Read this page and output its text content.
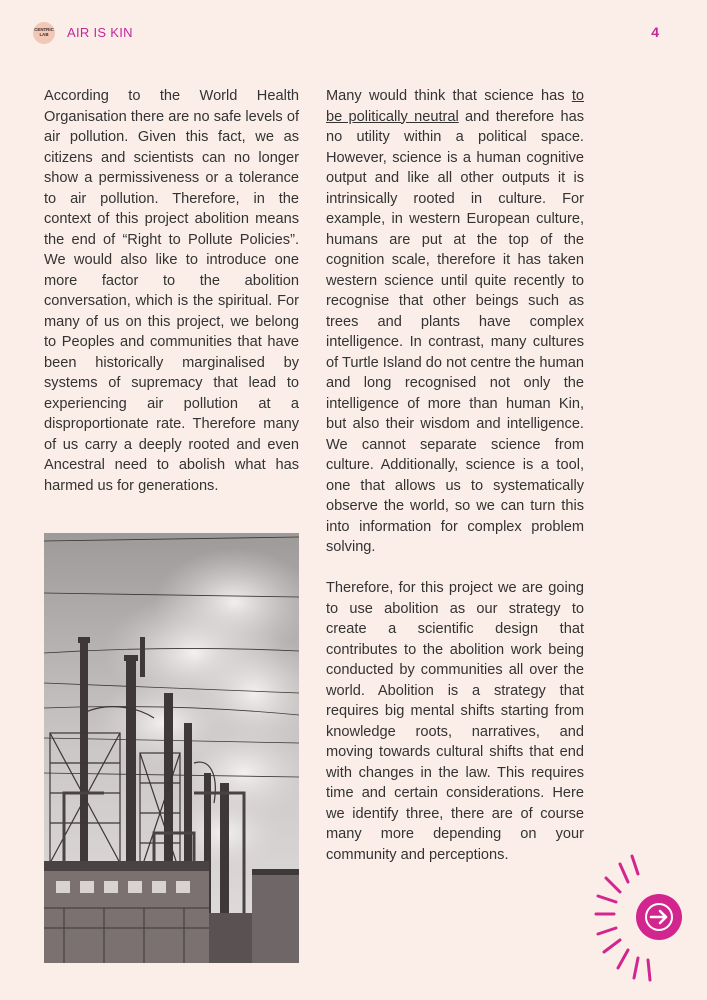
CENTRIC LAB	AIR IS KIN	4

According to the World Health Organisation there are no safe levels of air pollution. Given this fact, we as citizens and scientists can no longer show a permissiveness or a tolerance to air pollution. Therefore, in the context of this project abolition means the end of “Right to Pollute Policies”. We would also like to introduce one more factor to the abolition conversation, which is the spiritual. For many of us on this project, we belong to Peoples and communities that have been historically marginalised by systems of supremacy that lead to experiencing air pollution at a disproportionate rate. Therefore many of us carry a deeply rooted and even Ancestral need to abolish what has harmed us for generations.

Many would think that science has to be politically neutral and therefore has no utility within a political space. However, science is a human cognitive output and like all other outputs it is intrinsically rooted in culture. For example, in western European culture, humans are put at the top of the cognition scale, therefore it has taken western science until quite recently to recognise that other beings such as trees and plants have complex intelligence. In contrast, many cultures of Turtle Island do not centre the human and long recognised not only the intelligence of more than human Kin, but also their wisdom and intelligence. We cannot separate science from culture. Additionally, science is a tool, one that allows us to systematically observe the world, so we can turn this into information for complex problem solving.

Therefore, for this project we are going to use abolition as our strategy to create a scientific design that contributes to the abolition work being conducted by communities all over the world. Abolition is a strategy that requires big mental shifts starting from knowledge roots, narratives, and moving towards cultural shifts that end with changes in the law. This requires time and certain considerations. Here we identify three, there are of course many more depending on your community and perceptions.
